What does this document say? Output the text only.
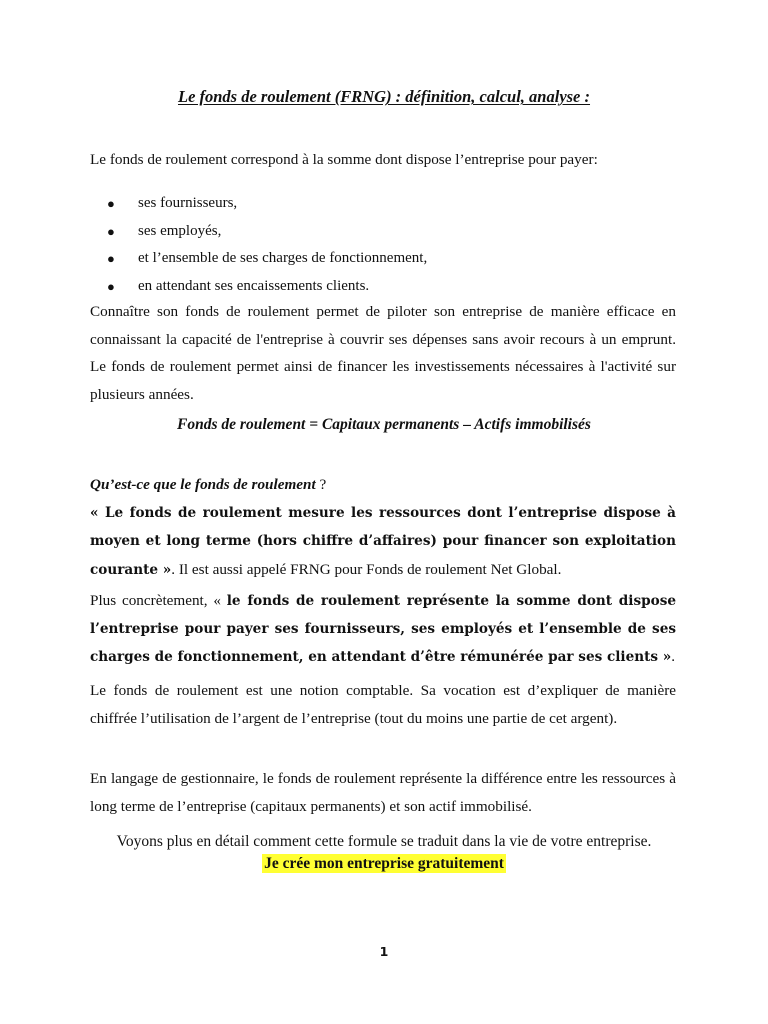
Le fonds de roulement (FRNG) : définition, calcul, analyse :
Le fonds de roulement correspond à la somme dont dispose l’entreprise pour payer:
● ses fournisseurs,
● ses employés,
● et l’ensemble de ses charges de fonctionnement,
● en attendant ses encaissements clients.
Connaître son fonds de roulement permet de piloter son entreprise de manière efficace en connaissant la capacité de l'entreprise à couvrir ses dépenses sans avoir recours à un emprunt. Le fonds de roulement permet ainsi de financer les investissements nécessaires à l'activité sur plusieurs années.
Fonds de roulement = Capitaux permanents – Actifs immobilisés
Qu’est-ce que le fonds de roulement ?
« Le fonds de roulement mesure les ressources dont l’entreprise dispose à moyen et long terme (hors chiffre d’affaires) pour financer son exploitation courante ». Il est aussi appelé FRNG pour Fonds de roulement Net Global.
Plus concrètement, « le fonds de roulement représente la somme dont dispose l’entreprise pour payer ses fournisseurs, ses employés et l’ensemble de ses charges de fonctionnement, en attendant d’être rémunérée par ses clients ».
Le fonds de roulement est une notion comptable. Sa vocation est d’expliquer de manière chiffrée l’utilisation de l’argent de l’entreprise (tout du moins une partie de cet argent).
En langage de gestionnaire, le fonds de roulement représente la différence entre les ressources à long terme de l’entreprise (capitaux permanents) et son actif immobilisé.
Voyons plus en détail comment cette formule se traduit dans la vie de votre entreprise.
Je crée mon entreprise gratuitement
1
